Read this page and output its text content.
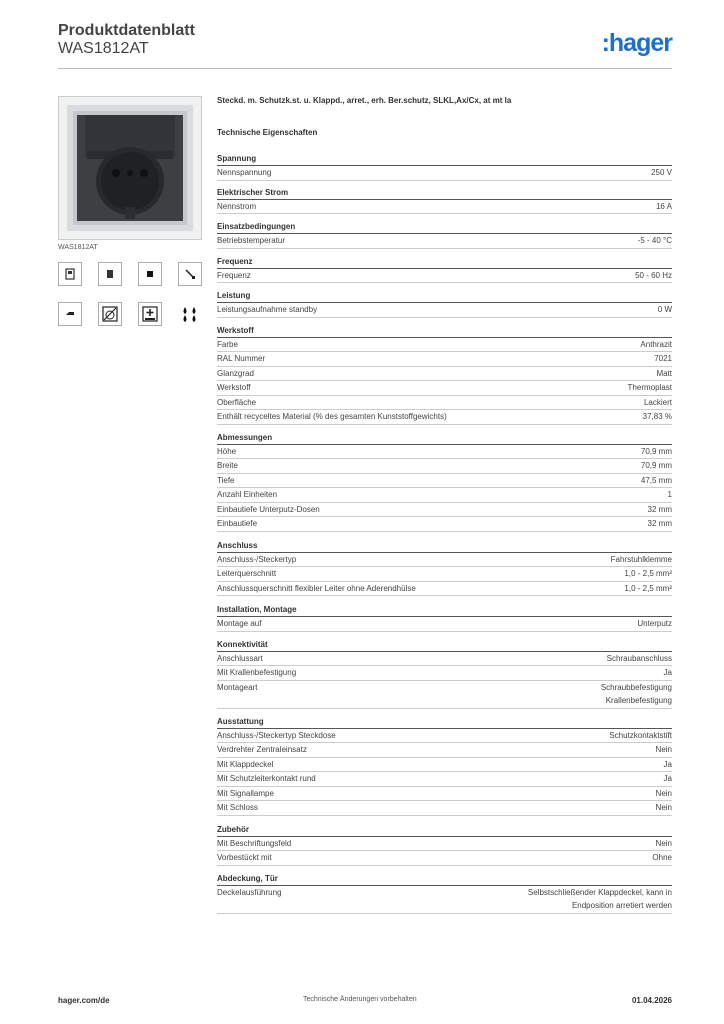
Produktdatenblatt
WAS1812AT	:hager
WAS1812AT
Steckd. m. Schutzk.st. u. Klappd., arret., erh. Ber.schutz, SLKL,Ax/Cx, at mt la
Technische Eigenschaften
Spannung
Nennspannung	250 V
Elektrischer Strom
Nennstrom	16 A
Einsatzbedingungen
Betriebstemperatur	-5 - 40 °C
Frequenz
Frequenz	50 - 60 Hz
Leistung
Leistungsaufnahme standby	0 W
Werkstoff
Farbe	Anthrazit
RAL Nummer	7021
Glanzgrad	Matt
Werkstoff	Thermoplast
Oberfläche	Lackiert
Enthält recyceltes Material (% des gesamten Kunststoffgewichts)	37,83 %
Abmessungen
Höhe	70,9 mm
Breite	70,9 mm
Tiefe	47,5 mm
Anzahl Einheiten	1
Einbautiefe Unterputz-Dosen	32 mm
Einbautiefe	32 mm
Anschluss
Anschluss-/Steckertyp	Fahrstuhlklemme
Leiterquerschnitt	1,0 - 2,5 mm²
Anschlussquerschnitt flexibler Leiter ohne Aderendhülse	1,0 - 2,5 mm²
Installation, Montage
Montage auf	Unterputz
Konnektivität
Anschlussart	Schraubanschluss
Mit Krallenbefestigung	Ja
Montageart	Schraubbefestigung
Krallenbefestigung
Ausstattung
Anschluss-/Steckertyp Steckdose	Schutzkontaktstift
Verdrehter Zentraleinsatz	Nein
Mit Klappdeckel	Ja
Mit Schutzleiterkontakt rund	Ja
Mit Signallampe	Nein
Mit Schloss	Nein
Zubehör
Mit Beschriftungsfeld	Nein
Vorbestückt mit	Ohne
Abdeckung, Tür
Deckelausführung	Selbstschließender Klappdeckel, kann in
Endposition arretiert werden
hager.com/de	Technische Änderungen vorbehalten	01.04.2026
